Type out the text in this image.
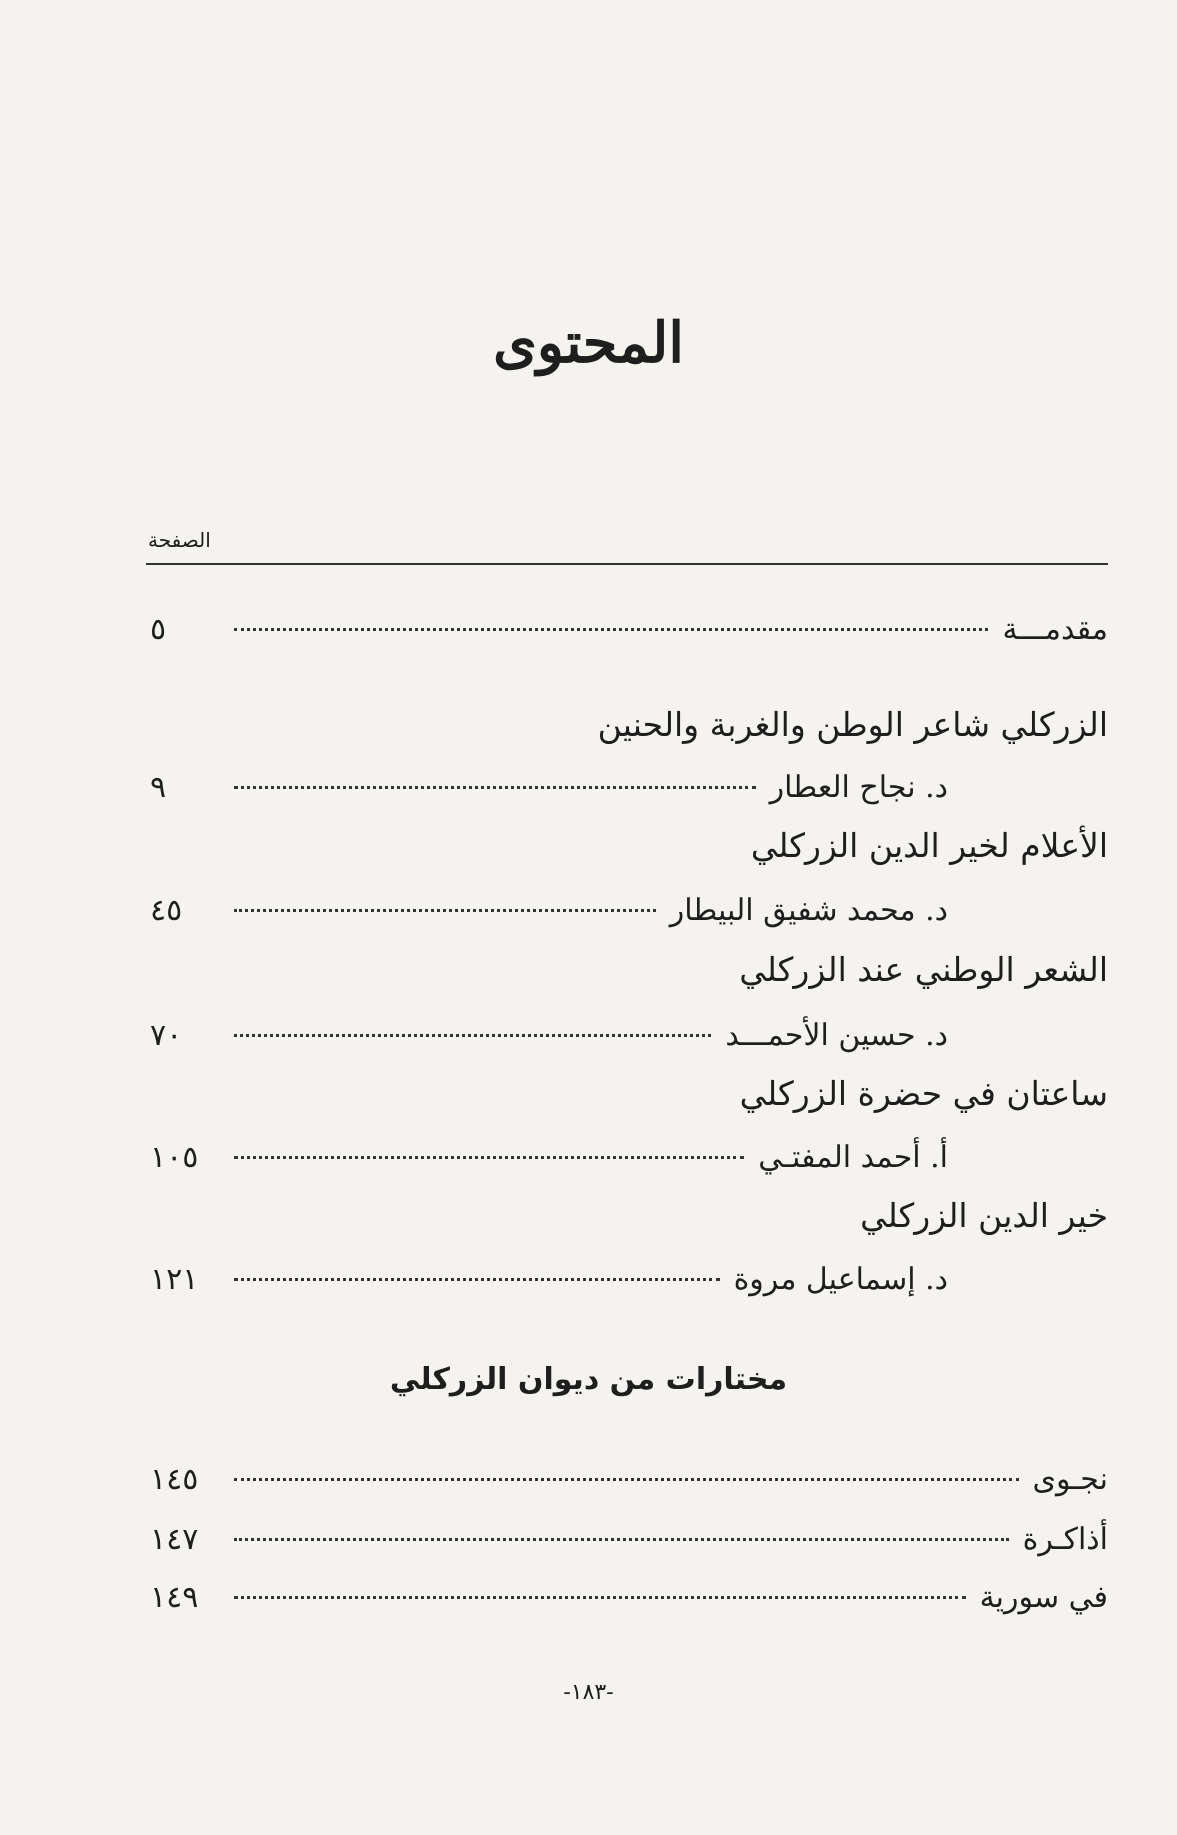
المحتوى
الصفحة
مقدمـــة
٥
الزركلي شاعر الوطن والغربة والحنين
د. نجاح العطار
٩
الأعلام لخير الدين الزركلي
د. محمد شفيق البيطار
٤٥
الشعر الوطني عند الزركلي
د. حسين الأحمـــد
٧٠
ساعتان في حضرة الزركلي
أ. أحمد المفتـي
١٠٥
خير الدين الزركلي
د. إسماعيل مروة
١٢١
مختارات من ديوان الزركلي
نجـوى
١٤٥
أذاكـرة
١٤٧
في سورية
١٤٩
-١٨٣-
